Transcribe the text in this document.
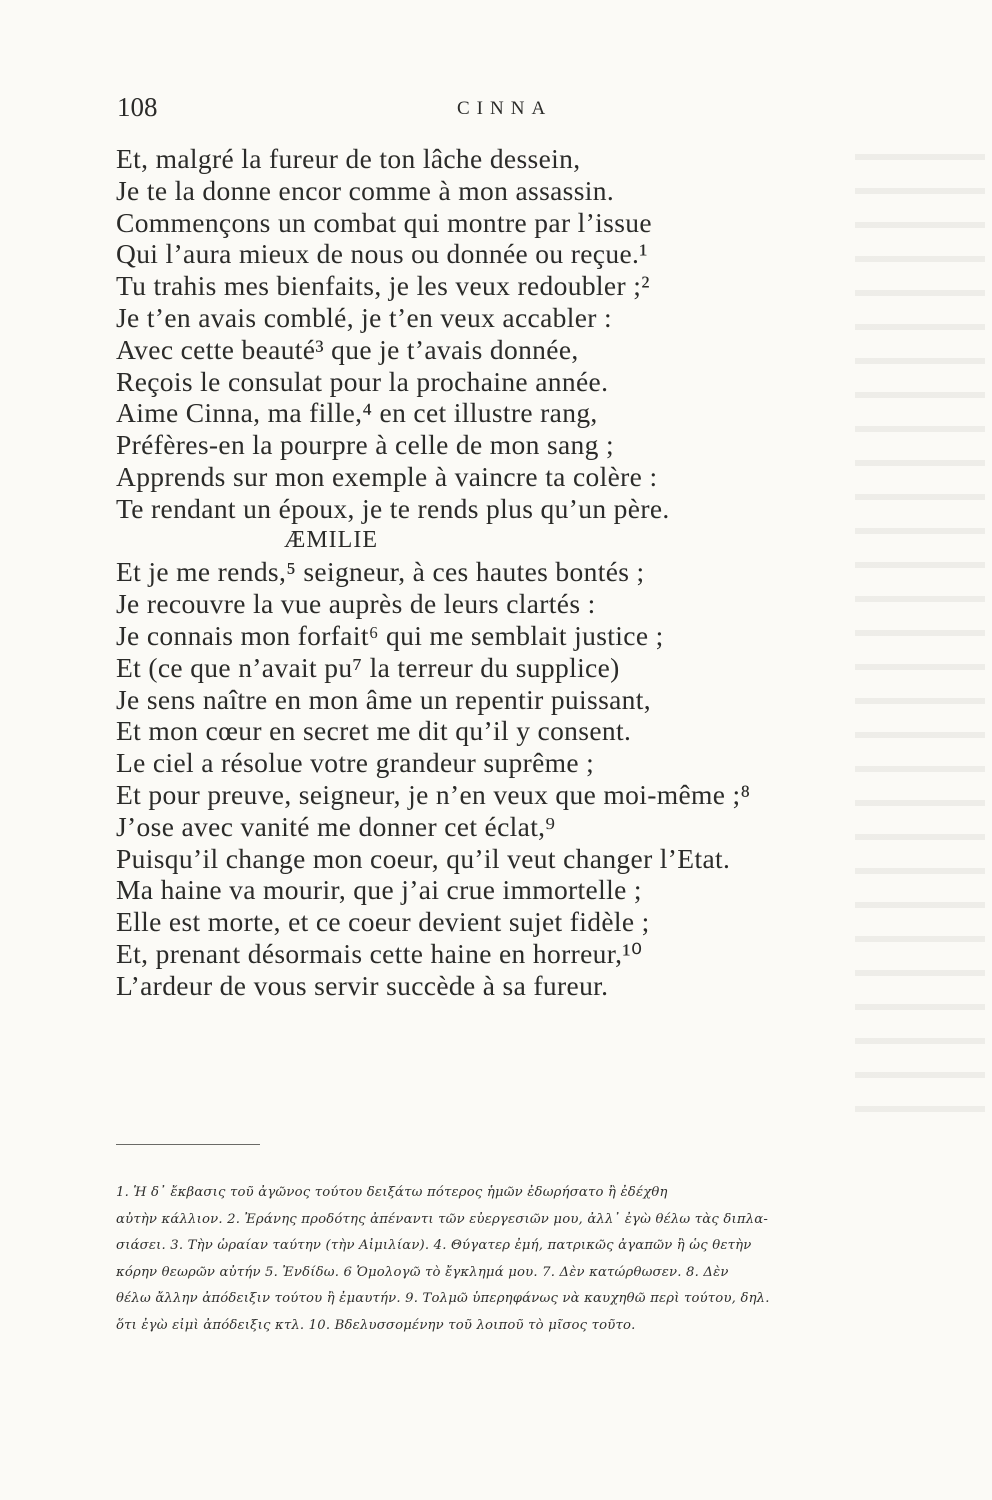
108	CINNA
Et, malgré la fureur de ton lâche dessein,
Je te la donne encor comme à mon assassin.
Commençons un combat qui montre par l’issue
Qui l’aura mieux de nous ou donnée ou reçue.¹
Tu trahis mes bienfaits, je les veux redoubler ;²
Je t’en avais comblé, je t’en veux accabler :
Avec cette beauté³ que je t’avais donnée,
Reçois le consulat pour la prochaine année.
Aime Cinna, ma fille,⁴ en cet illustre rang,
Préfères-en la pourpre à celle de mon sang ;
Apprends sur mon exemple à vaincre ta colère :
Te rendant un époux, je te rends plus qu’un père.
ÆMILIE
Et je me rends,⁵ seigneur, à ces hautes bontés ;
Je recouvre la vue auprès de leurs clartés :
Je connais mon forfait⁶ qui me semblait justice ;
Et (ce que n’avait pu⁷ la terreur du supplice)
Je sens naître en mon âme un repentir puissant,
Et mon cœur en secret me dit qu’il y consent.
Le ciel a résolue votre grandeur suprême ;
Et pour preuve, seigneur, je n’en veux que moi-même ;⁸
J’ose avec vanité me donner cet éclat,⁹
Puisqu’il change mon coeur, qu’il veut changer l’Etat.
Ma haine va mourir, que j’ai crue immortelle ;
Elle est morte, et ce coeur devient sujet fidèle ;
Et, prenant désormais cette haine en horreur,¹⁰
L’ardeur de vous servir succède à sa fureur.
1. Ἡ δ᾽ ἔκβασις τοῦ ἀγῶνος τούτου δειξάτω πότερος ἡμῶν ἐδωρήσατο ἢ ἐδέχθη
αὐτὴν κάλλιον. 2. Ἐράνης προδότης ἀπέναντι τῶν εὐεργεσιῶν μου, ἀλλ᾽ ἐγὼ θέλω τὰς διπλα-
σιάσει. 3. Τὴν ὡραίαν ταύτην (τὴν Αἰμιλίαν). 4. Θύγατερ ἐμή, πατρικῶς ἀγαπῶν ἢ ὡς θετὴν
κόρην θεωρῶν αὐτήν 5. Ἐνδίδω. 6 Ὁμολογῶ τὸ ἔγκλημά μου. 7. Δὲν κατώρθωσεν. 8. Δὲν
θέλω ἄλλην ἀπόδειξιν τούτου ἢ ἐμαυτήν. 9. Τολμῶ ὑπερηφάνως νὰ καυχηθῶ περὶ τούτου, δηλ.
ὅτι ἐγὼ εἰμὶ ἀπόδειξις κτλ. 10. Βδελυσσομένην τοῦ λοιποῦ τὸ μῖσος τοῦτο.
